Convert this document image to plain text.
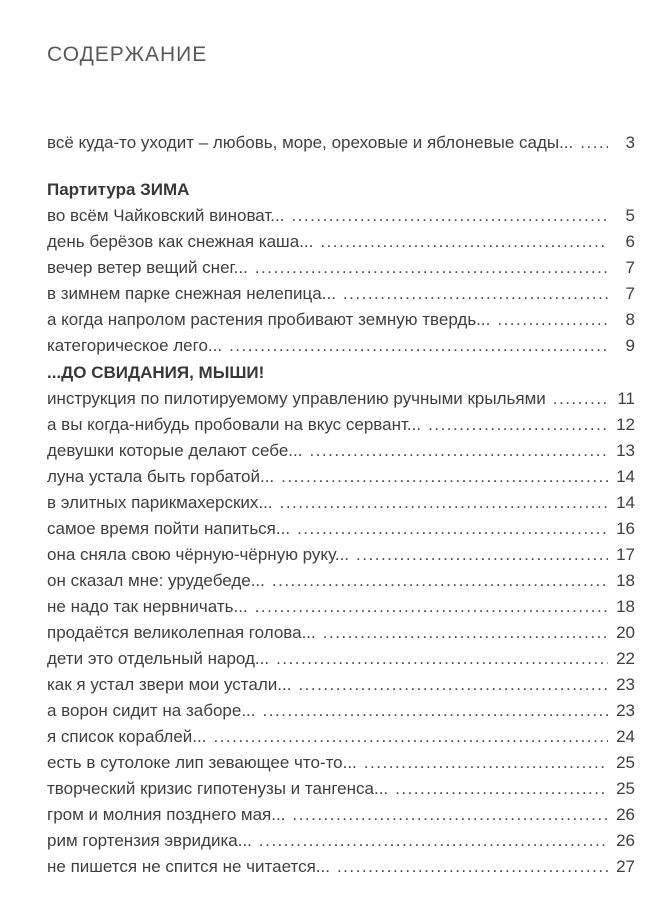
СОДЕРЖАНИЕ
всё куда-то уходит – любовь, море, ореховые и яблоневые сады... .....	3
Партитура ЗИМА
во всём Чайковский виноват... .....	5
день берёзов как снежная каша... .....	6
вечер ветер вещий снег... .....	7
в зимнем парке снежная нелепица... .....	7
а когда напролом растения пробивают земную твердь... .....	8
категорическое лего... .....	9
...ДО СВИДАНИЯ, МЫШИ!
инструкция по пилотируемому управлению ручными крыльями .....	11
а вы когда-нибудь пробовали на вкус сервант... .....	12
девушки которые делают себе... .....	13
луна устала быть горбатой... .....	14
в элитных парикмахерских... .....	14
самое время пойти напиться... .....	16
она сняла свою чёрную-чёрную руку... .....	17
он сказал мне: урудебеде... .....	18
не надо так нервничать... .....	18
продаётся великолепная голова... .....	20
дети это отдельный народ... .....	22
как я устал звери мои устали... .....	23
а ворон сидит на заборе... .....	23
я список кораблей... .....	24
есть в сутолоке лип зевающее что-то... .....	25
творческий кризис гипотенузы и тангенса... .....	25
гром и молния позднего мая... .....	26
рим гортензия эвридика... .....	26
не пишется не спится не читается... .....	27
